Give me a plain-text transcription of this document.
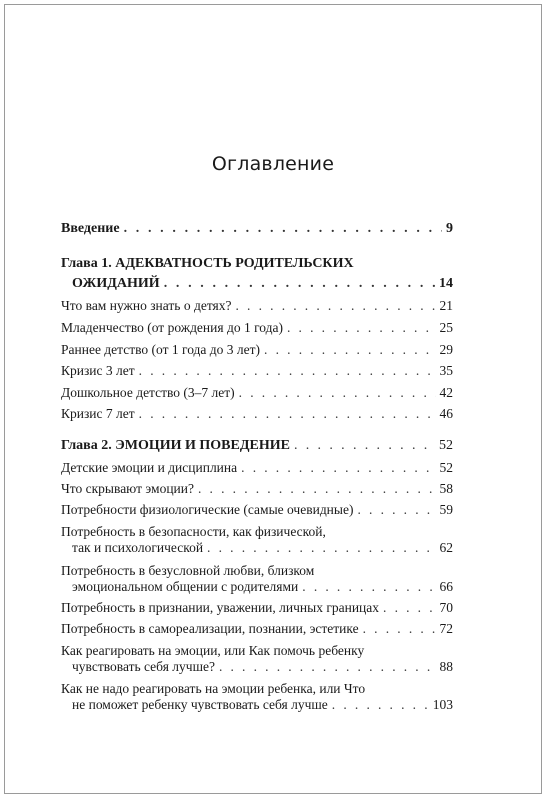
Оглавление
Введение . . .	9
Глава 1. АДЕКВАТНОСТЬ РОДИТЕЛЬСКИХ
ОЖИДАНИЙ . . .	14
Что вам нужно знать о детях? . . .	21
Младенчество (от рождения до 1 года) . . .	25
Раннее детство (от 1 года до 3 лет) . . .	29
Кризис 3 лет . . .	35
Дошкольное детство (3–7 лет) . . .	42
Кризис 7 лет . . .	46
Глава 2. ЭМОЦИИ И ПОВЕДЕНИЕ . . .	52
Детские эмоции и дисциплина . . .	52
Что скрывают эмоции? . . .	58
Потребности физиологические (самые очевидные) . . .	59
Потребность в безопасности, как физической,
так и психологической . . .	62
Потребность в безусловной любви, близком
эмоциональном общении с родителями . . .	66
Потребность в признании, уважении, личных границах . . .	70
Потребность в самореализации, познании, эстетике . . .	72
Как реагировать на эмоции, или Как помочь ребенку
чувствовать себя лучше? . . .	88
Как не надо реагировать на эмоции ребенка, или Что
не поможет ребенку чувствовать себя лучше . . .	103
